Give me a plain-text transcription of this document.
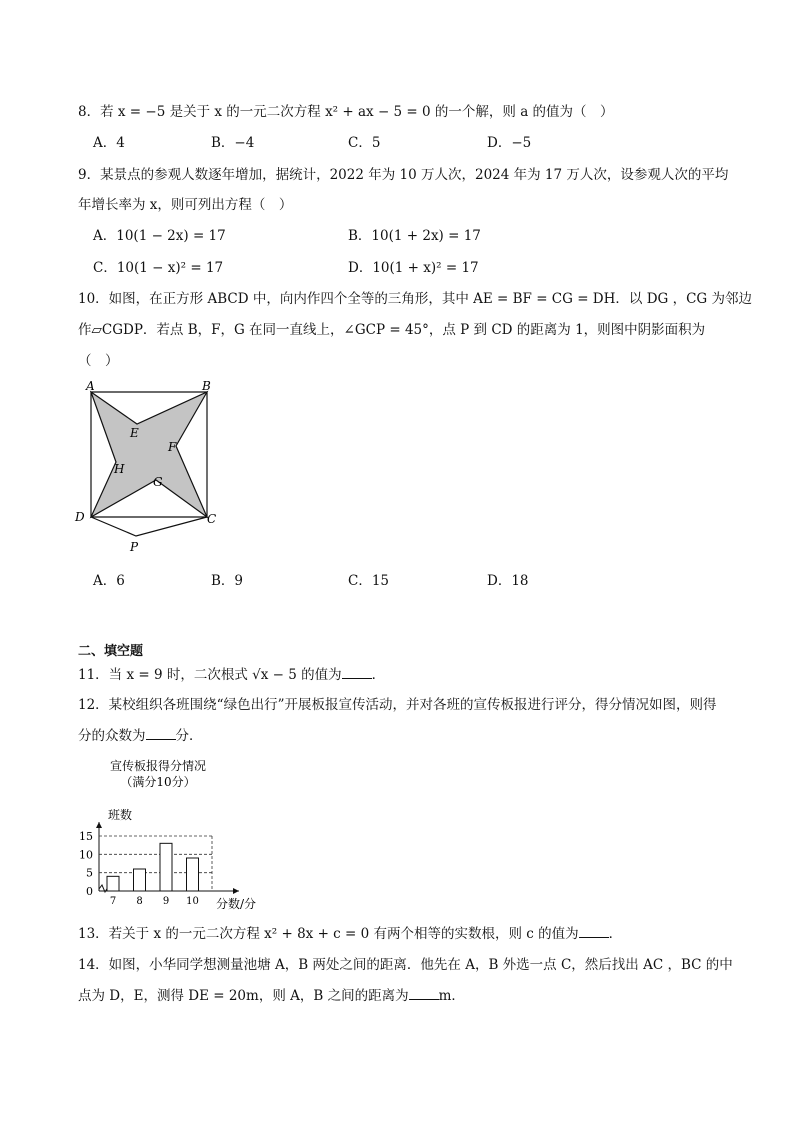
8．若 x = −5 是关于 x 的一元二次方程 x² + ax − 5 = 0 的一个解，则 a 的值为（　）
A．4	B．−4	C．5	D．−5
9．某景点的参观人数逐年增加，据统计，2022 年为 10 万人次，2024 年为 17 万人次，设参观人次的平均
年增长率为 x，则可列出方程（　）
A．10(1 − 2x) = 17	B．10(1 + 2x) = 17
C．10(1 − x)² = 17	D．10(1 + x)² = 17
10．如图，在正方形 ABCD 中，向内作四个全等的三角形，其中 AE = BF = CG = DH．以 DG ，CG 为邻边
作▱CGDP．若点 B，F，G 在同一直线上，∠GCP = 45°，点 P 到 CD 的距离为 1，则图中阴影面积为
（　）
A	B
C
D
E
F
G
H
P
A．6	B．9	C．15	D．18
二、填空题
11．当 x = 9 时，二次根式 √x − 5 的值为 ．
12．某校组织各班围绕“绿色出行”开展板报宣传活动，并对各班的宣传板报进行评分，得分情况如图，则得
分的众数为 分．
宣传板报得分情况
（满分10分）
0
5
10
15
7 8 9 10
班数
分数/分
13．若关于 x 的一元二次方程 x² + 8x + c = 0 有两个相等的实数根，则 c 的值为 ．
14．如图，小华同学想测量池塘 A，B 两处之间的距离．他先在 A，B 外选一点 C，然后找出 AC ，BC 的中
点为 D，E，测得 DE = 20m，则 A，B 之间的距离为 m．
